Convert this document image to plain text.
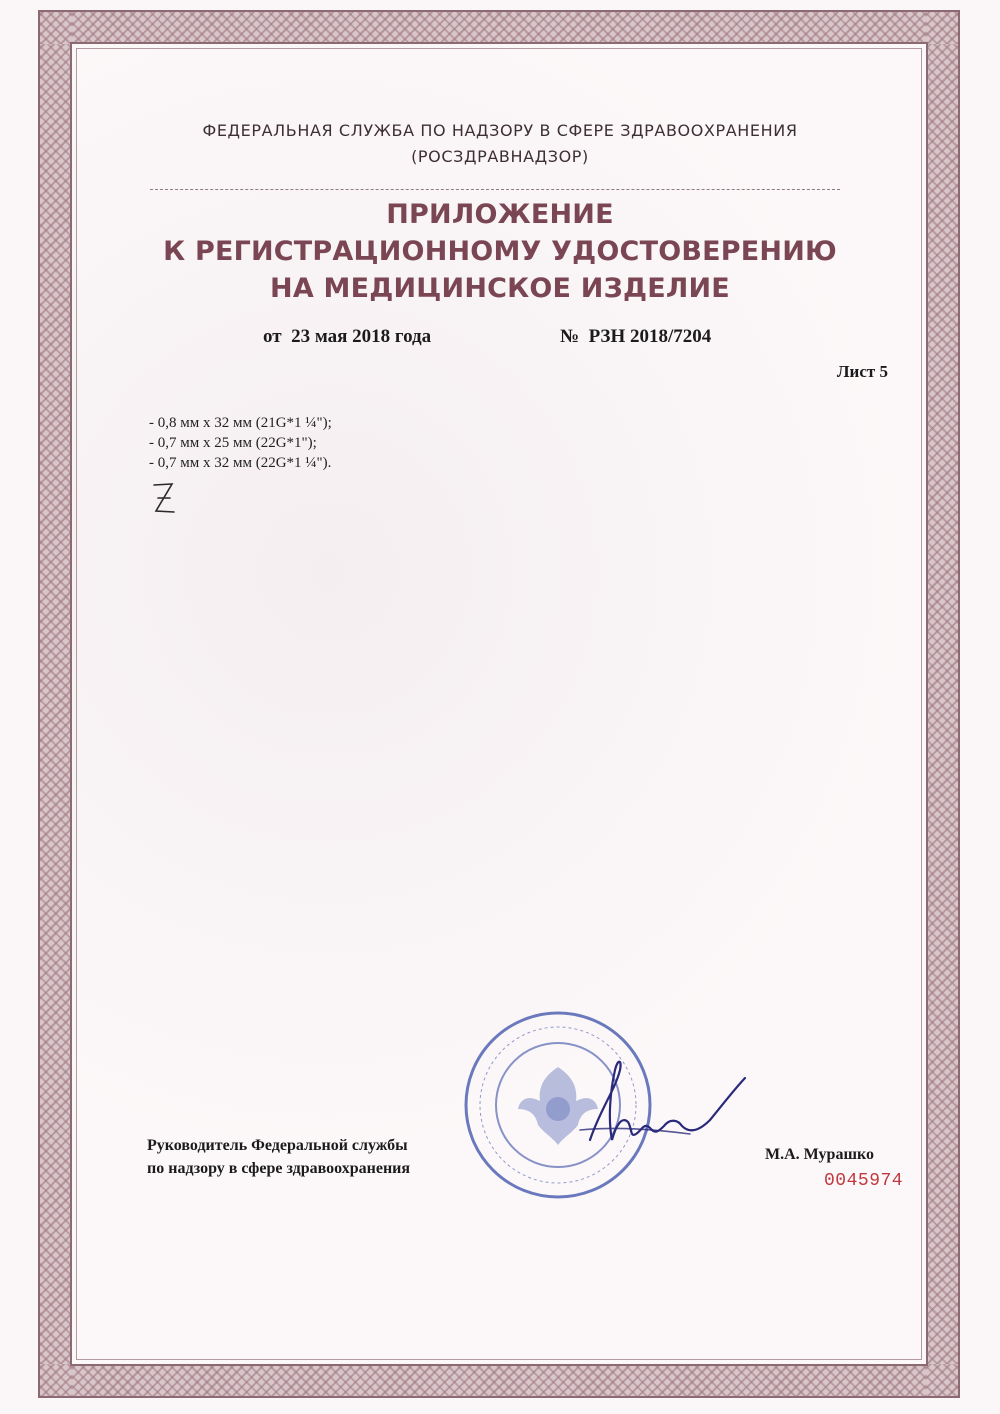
ФЕДЕРАЛЬНАЯ СЛУЖБА ПО НАДЗОРУ В СФЕРЕ ЗДРАВООХРАНЕНИЯ
(РОСЗДРАВНАДЗОР)
ПРИЛОЖЕНИЕ
К РЕГИСТРАЦИОННОМУ УДОСТОВЕРЕНИЮ
НА МЕДИЦИНСКОЕ ИЗДЕЛИЕ
от 23 мая 2018 года	№ РЗН 2018/7204
Лист 5
- 0,8 мм х 32 мм (21G*1 ¼");
- 0,7 мм х 25 мм (22G*1");
- 0,7 мм х 32 мм (22G*1 ¼").
Руководитель Федеральной службы
по надзору в сфере здравоохранения
М.А. Мурашко
0045974
